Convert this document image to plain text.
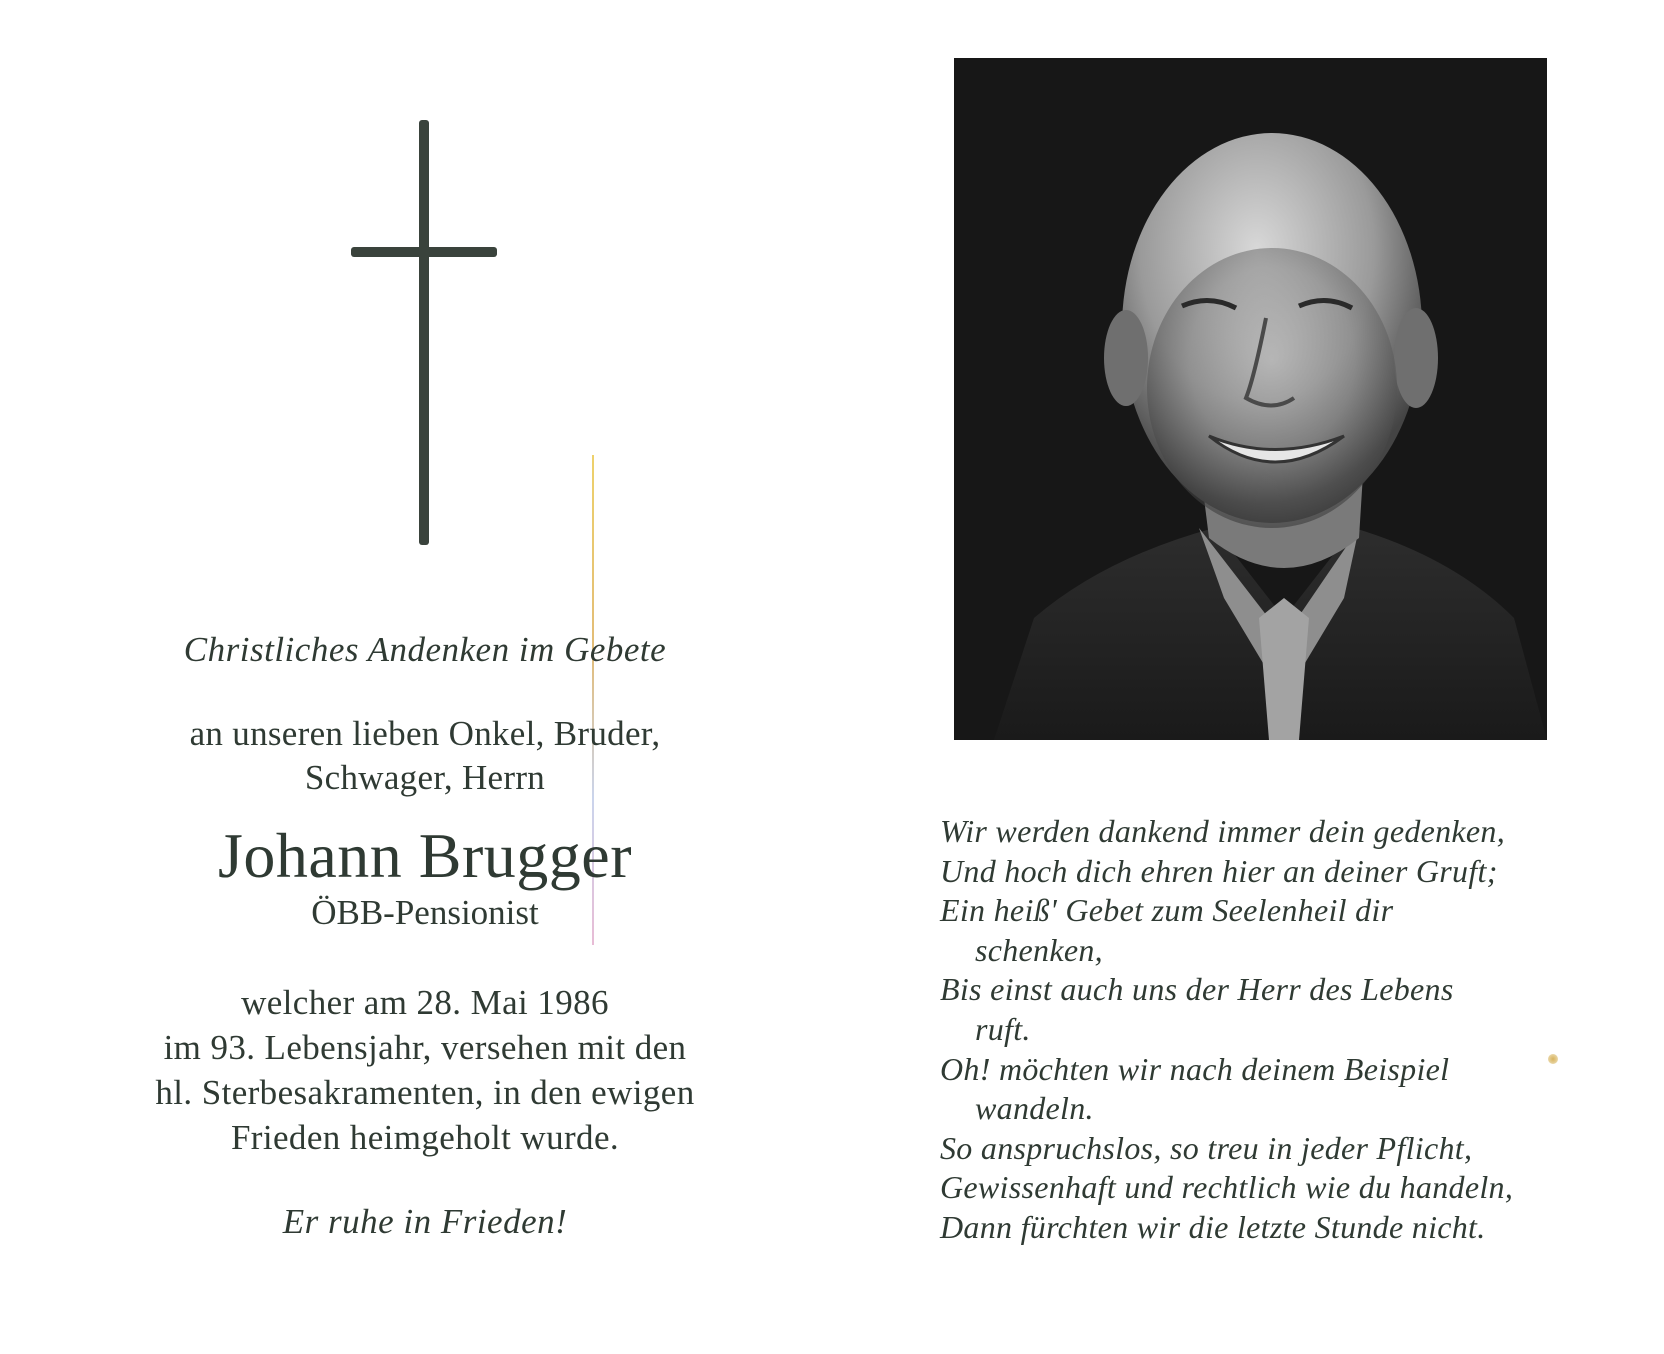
Christliches Andenken im Gebete
an unseren lieben Onkel, Bruder,
Schwager, Herrn
Johann Brugger
ÖBB-Pensionist
welcher am 28. Mai 1986
im 93. Lebensjahr, versehen mit den
hl. Sterbesakramenten, in den ewigen
Frieden heimgeholt wurde.
Er ruhe in Frieden!
Wir werden dankend immer dein gedenken,
Und hoch dich ehren hier an deiner Gruft;
Ein heiß' Gebet zum Seelenheil dir
schenken,
Bis einst auch uns der Herr des Lebens
ruft.
Oh! möchten wir nach deinem Beispiel
wandeln.
So anspruchslos, so treu in jeder Pflicht,
Gewissenhaft und rechtlich wie du handeln,
Dann fürchten wir die letzte Stunde nicht.
